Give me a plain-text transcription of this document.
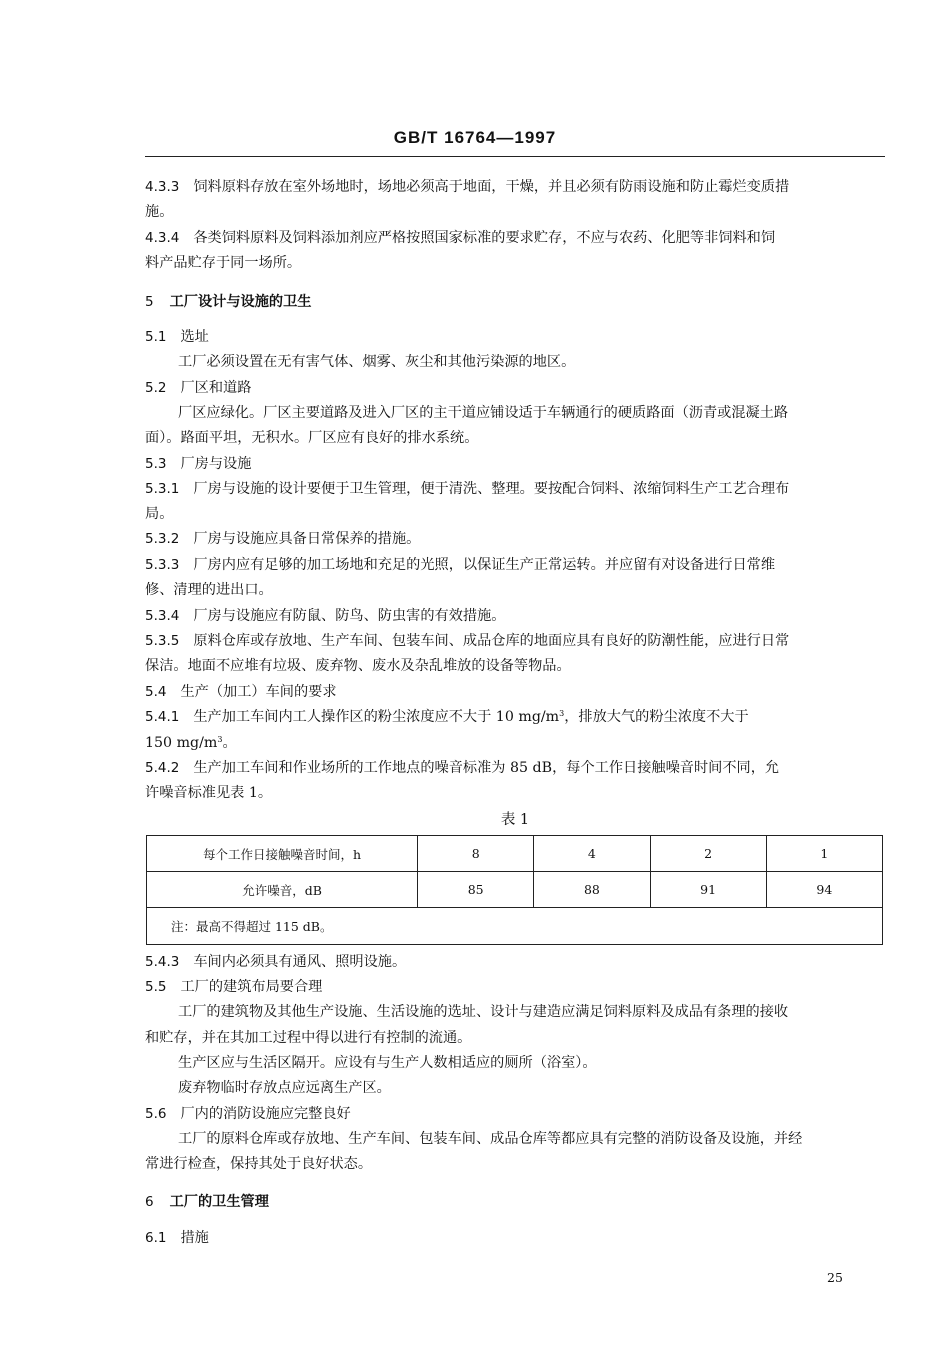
GB/T 16764—1997
4.3.3 饲料原料存放在室外场地时，场地必须高于地面，干燥，并且必须有防雨设施和防止霉烂变质措
施。
4.3.4 各类饲料原料及饲料添加剂应严格按照国家标准的要求贮存，不应与农药、化肥等非饲料和饲
料产品贮存于同一场所。
5 工厂设计与设施的卫生
5.1 选址
工厂必须设置在无有害气体、烟雾、灰尘和其他污染源的地区。
5.2 厂区和道路
厂区应绿化。厂区主要道路及进入厂区的主干道应铺设适于车辆通行的硬质路面（沥青或混凝土路
面）。路面平坦，无积水。厂区应有良好的排水系统。
5.3 厂房与设施
5.3.1 厂房与设施的设计要便于卫生管理，便于清洗、整理。要按配合饲料、浓缩饲料生产工艺合理布
局。
5.3.2 厂房与设施应具备日常保养的措施。
5.3.3 厂房内应有足够的加工场地和充足的光照，以保证生产正常运转。并应留有对设备进行日常维
修、清理的进出口。
5.3.4 厂房与设施应有防鼠、防鸟、防虫害的有效措施。
5.3.5 原料仓库或存放地、生产车间、包装车间、成品仓库的地面应具有良好的防潮性能，应进行日常
保洁。地面不应堆有垃圾、废弃物、废水及杂乱堆放的设备等物品。
5.4 生产（加工）车间的要求
5.4.1 生产加工车间内工人操作区的粉尘浓度应不大于 10 $mg/m^3$，排放大气的粉尘浓度不大于
150 $mg/m^3$。
5.4.2 生产加工车间和作业场所的工作地点的噪音标准为 85 dB，每个工作日接触噪音时间不同，允
许噪音标准见表 1。
表 1
每个工作日接触噪音时间，h	8	4	2	1
允许噪音，dB	85	88	91	94
注：最高不得超过 115 dB。				
5.4.3 车间内必须具有通风、照明设施。
5.5 工厂的建筑布局要合理
工厂的建筑物及其他生产设施、生活设施的选址、设计与建造应满足饲料原料及成品有条理的接收
和贮存，并在其加工过程中得以进行有控制的流通。
生产区应与生活区隔开。应设有与生产人数相适应的厕所（浴室）。
废弃物临时存放点应远离生产区。
5.6 厂内的消防设施应完整良好
工厂的原料仓库或存放地、生产车间、包装车间、成品仓库等都应具有完整的消防设备及设施，并经
常进行检查，保持其处于良好状态。
6 工厂的卫生管理
6.1 措施
25
